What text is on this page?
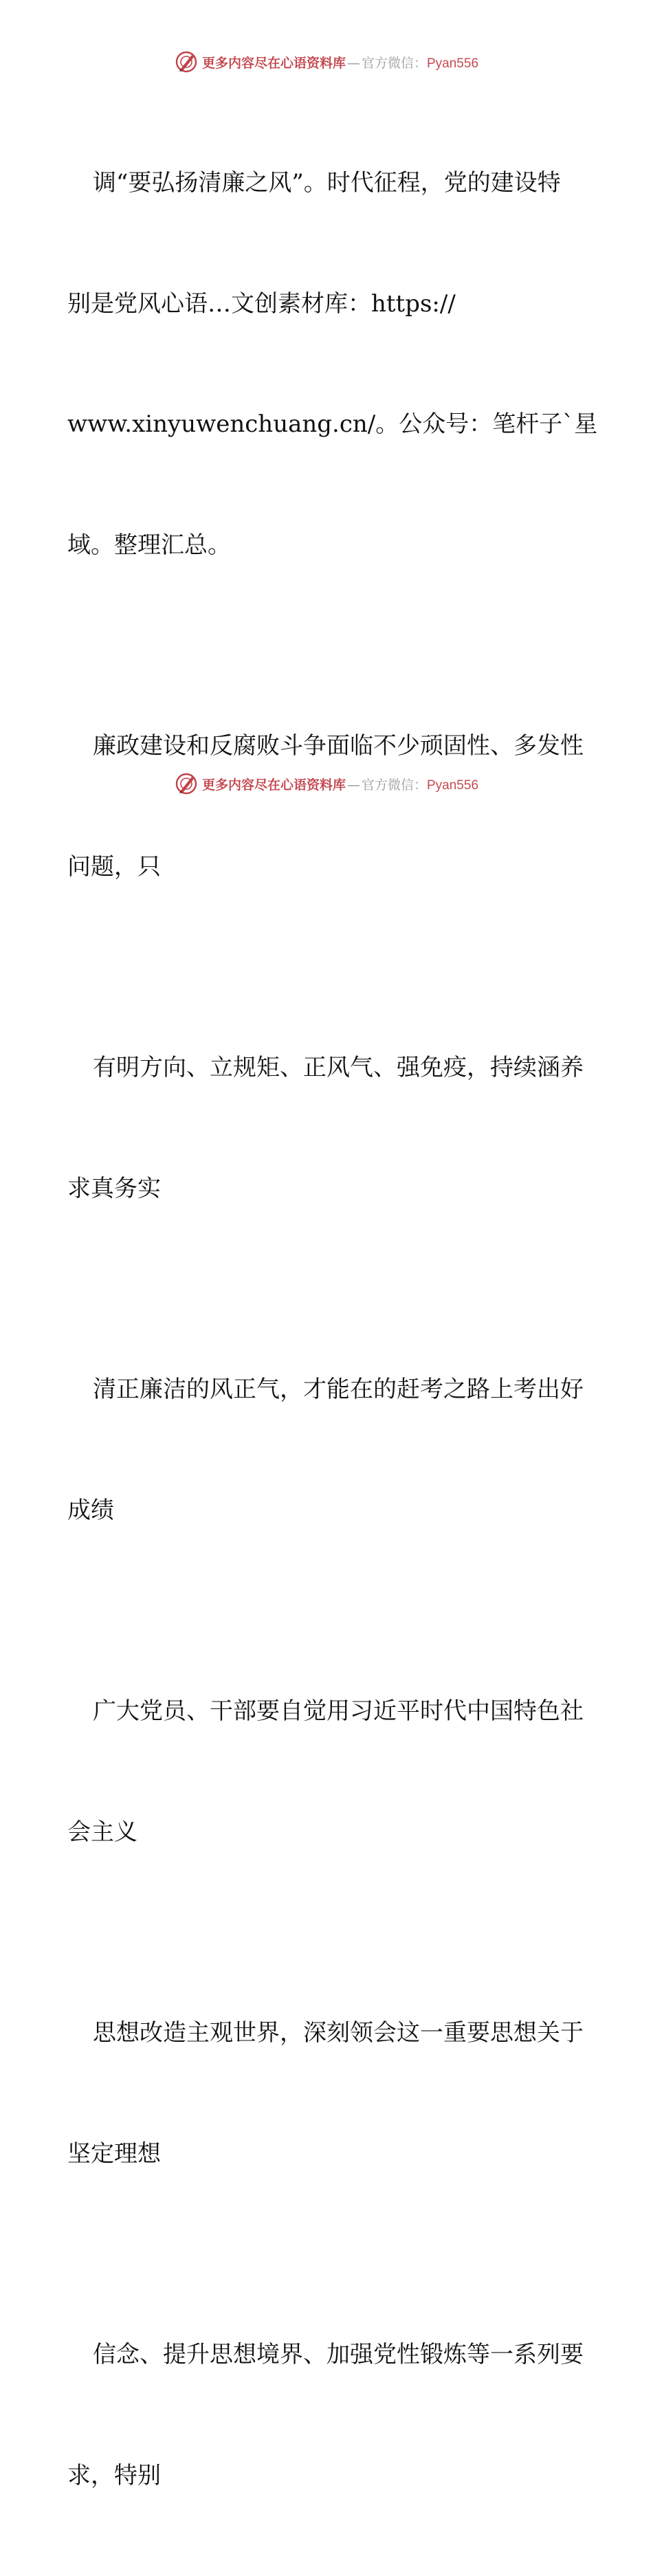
更多内容尽在心语资料库 — 官方微信：Pyan556

调“要弘扬清廉之风”。时代征程，党的建设特

别是党风心语…文创素材库：https://

www.xinyuwenchuang.cn/。公众号：笔杆子`星

域。整理汇总。

廉政建设和反腐败斗争面临不少顽固性、多发性

问题，只

有明方向、立规矩、正风气、强免疫，持续涵养

求真务实

清正廉洁的风正气，才能在的赶考之路上考出好

成绩

广大党员、干部要自觉用习近平时代中国特色社

会主义

思想改造主观世界，深刻领会这一重要思想关于

坚定理想

信念、提升思想境界、加强党性锻炼等一系列要

求，特别

更多内容尽在心语资料库 — 官方微信：Pyan556
